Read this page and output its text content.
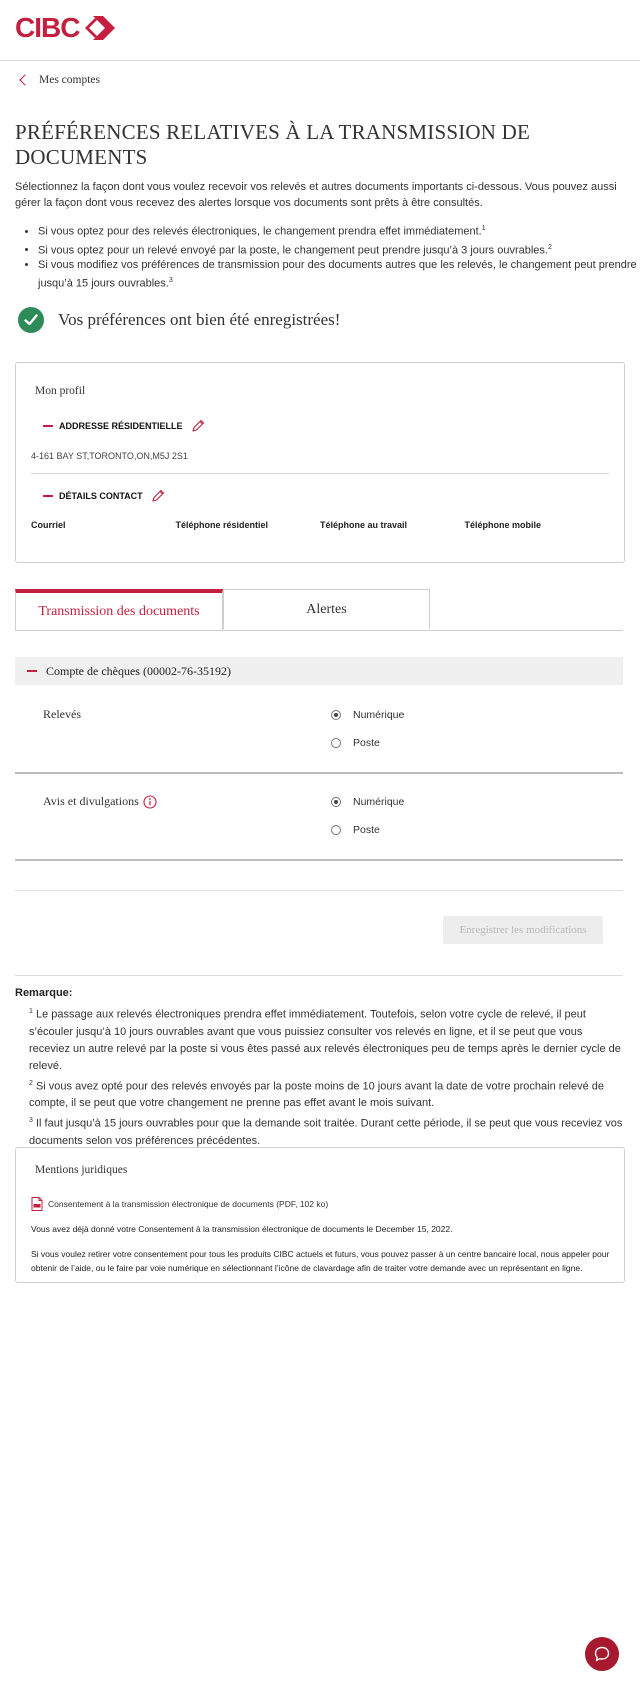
CIBC
Mes comptes
PRÉFÉRENCES RELATIVES À LA TRANSMISSION DE DOCUMENTS
Sélectionnez la façon dont vous voulez recevoir vos relevés et autres documents importants ci-dessous. Vous pouvez aussi gérer la façon dont vous recevez des alertes lorsque vos documents sont prêts à être consultés.
• Si vous optez pour des relevés électroniques, le changement prendra effet immédiatement.$^1$
• Si vous optez pour un relevé envoyé par la poste, le changement peut prendre jusqu’à 3 jours ouvrables.$^2$
• Si vous modifiez vos préférences de transmission pour des documents autres que les relevés, le changement peut prendre jusqu’à 15 jours ouvrables.$^3$
Vos préférences ont bien été enregistrées!
Mon profil
ADDRESSE RÉSIDENTIELLE
4-161 BAY ST,TORONTO,ON,M5J 2S1
DÉTAILS CONTACT
Courriel	Téléphone résidentiel	Téléphone au travail	Téléphone mobile
Transmission des documents	Alertes
Compte de chèques (00002-76-35192)
Relevés	Numérique
Poste
Avis et divulgations	Numérique
Poste
Enregistrer les modifications
Remarque:

$^1$ Le passage aux relevés électroniques prendra effet immédiatement. Toutefois, selon votre cycle de relevé, il peut s’écouler jusqu’à 10 jours ouvrables avant que vous puissiez consulter vos relevés en ligne, et il se peut que vous receviez un autre relevé par la poste si vous êtes passé aux relevés électroniques peu de temps après le dernier cycle de relevé.

$^2$ Si vous avez opté pour des relevés envoyés par la poste moins de 10 jours avant la date de votre prochain relevé de compte, il se peut que votre changement ne prenne pas effet avant le mois suivant.

$^3$ Il faut jusqu’à 15 jours ouvrables pour que la demande soit traitée. Durant cette période, il se peut que vous receviez vos documents selon vos préférences précédentes.

Mentions juridiques
Consentement à la transmission électronique de documents (PDF, 102 ko)
Vous avez déjà donné votre Consentement à la transmission électronique de documents le December 15, 2022.
Si vous voulez retirer votre consentement pour tous les produits CIBC actuels et futurs, vous pouvez passer à un centre bancaire local, nous appeler pour obtenir de l’aide, ou le faire par voie numérique en sélectionnant l’icône de clavardage afin de traiter votre demande avec un représentant en ligne.
